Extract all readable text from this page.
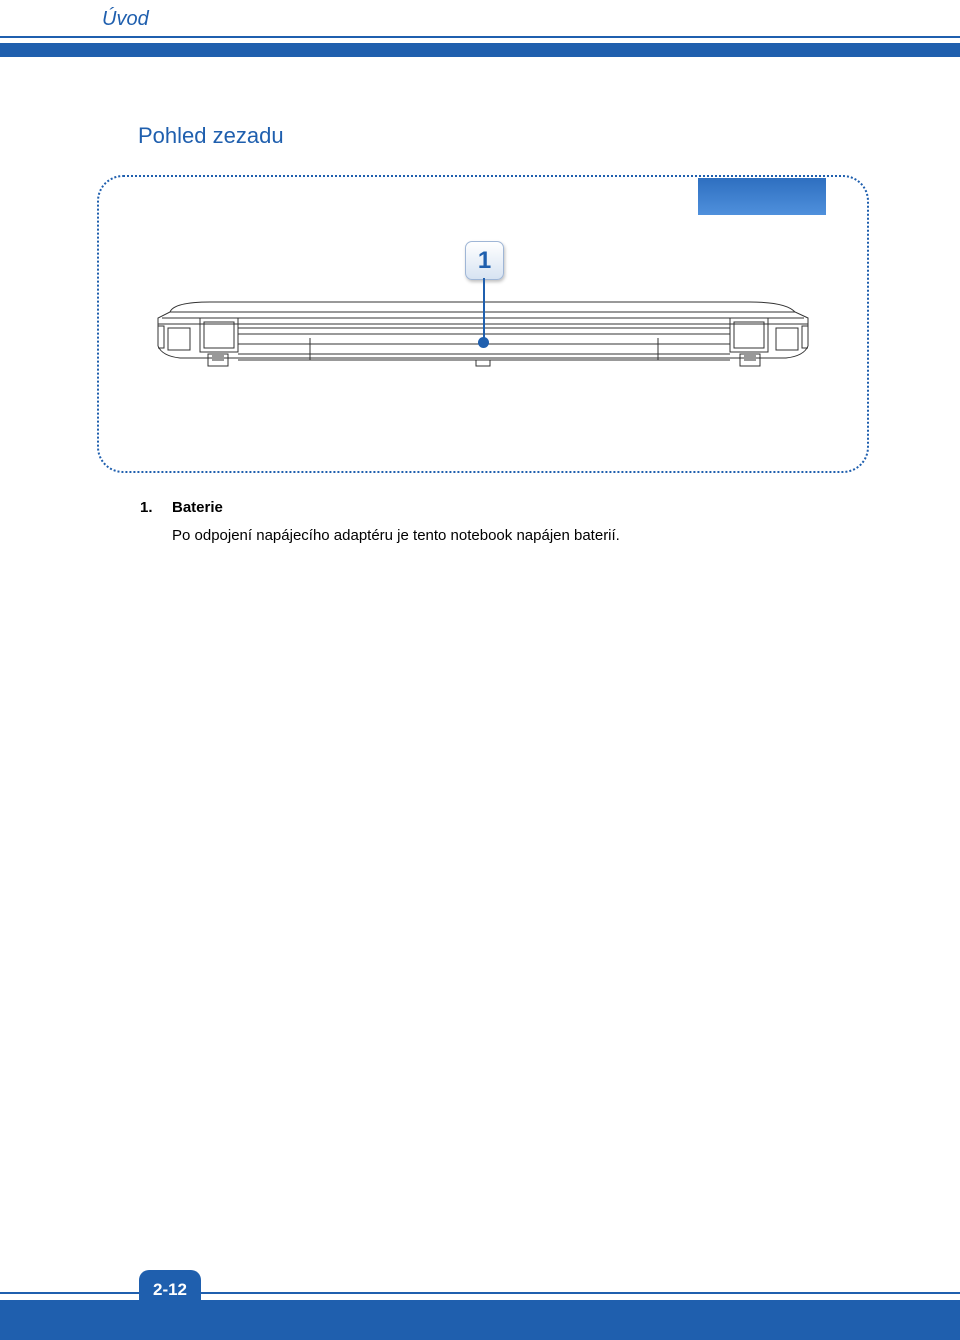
Úvod
Pohled zezadu
1
1. Baterie
Po odpojení napájecího adaptéru je tento notebook napájen baterií.
2-12
